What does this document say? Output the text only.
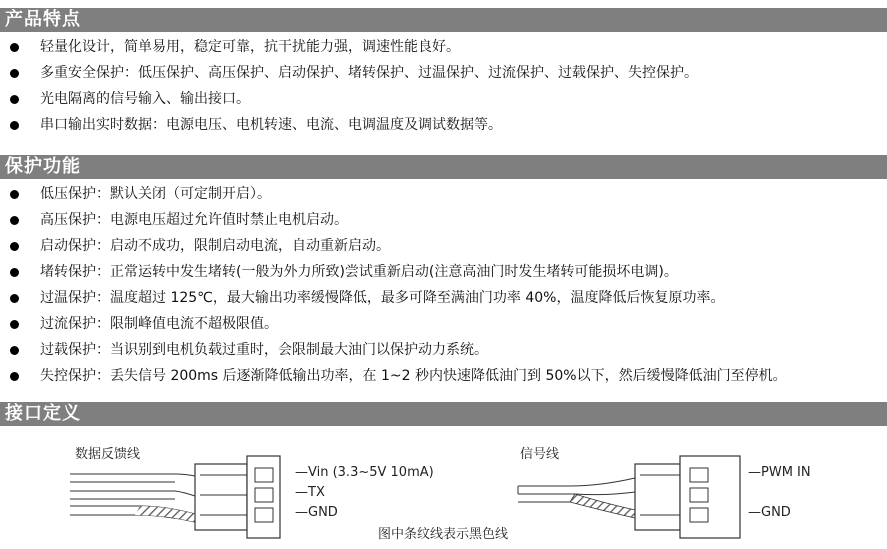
产品特点
轻量化设计，简单易用，稳定可靠，抗干扰能力强，调速性能良好。
多重安全保护：低压保护、高压保护、启动保护、堵转保护、过温保护、过流保护、过载保护、失控保护。
光电隔离的信号输入、输出接口。
串口输出实时数据：电源电压、电机转速、电流、电调温度及调试数据等。
保护功能
低压保护：默认关闭（可定制开启）。
高压保护：电源电压超过允许值时禁止电机启动。
启动保护：启动不成功，限制启动电流，自动重新启动。
堵转保护：正常运转中发生堵转(一般为外力所致)尝试重新启动(注意高油门时发生堵转可能损坏电调)。
过温保护：温度超过 125℃，最大输出功率缓慢降低，最多可降至满油门功率 40%，温度降低后恢复原功率。
过流保护：限制峰值电流不超极限值。
过载保护：当识别到电机负载过重时，会限制最大油门以保护动力系统。
失控保护：丢失信号 200ms 后逐渐降低输出功率，在 1~2 秒内快速降低油门到 50%以下，然后缓慢降低油门至停机。
接口定义
数据反馈线
—Vin (3.3~5V 10mA)
—TX
—GND
信号线
—PWM IN
—GND
图中条纹线表示黑色线
